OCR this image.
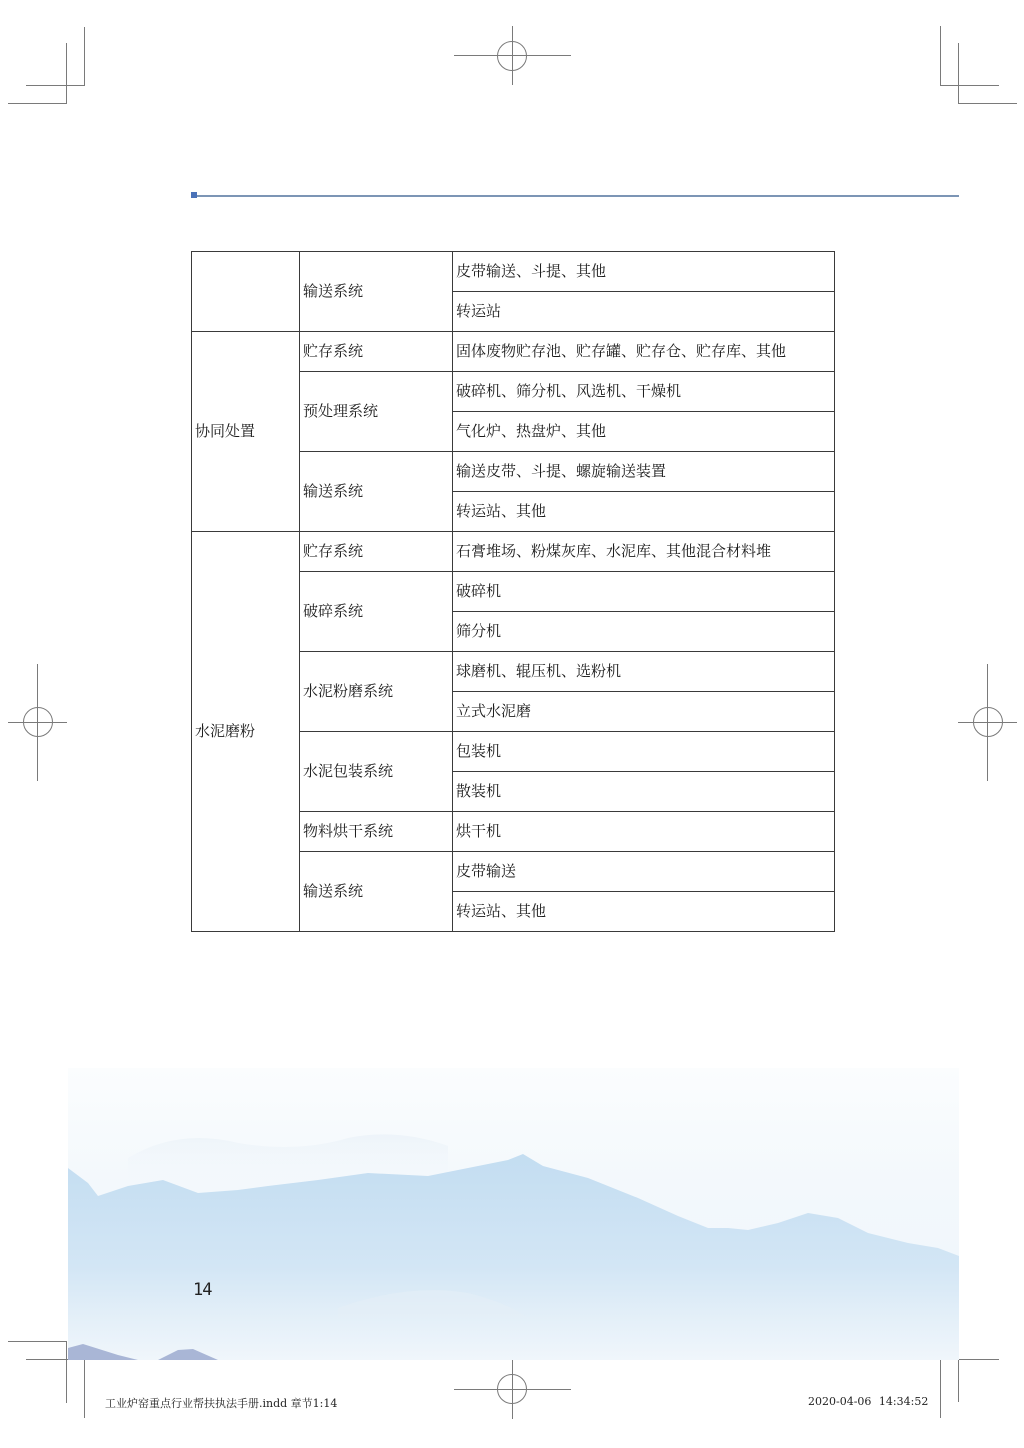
	输送系统	皮带输送、斗提、其他
		转运站
协同处置	贮存系统	固体废物贮存池、贮存罐、贮存仓、贮存库、其他
	预处理系统	破碎机、筛分机、风选机、干燥机
		气化炉、热盘炉、其他
	输送系统	输送皮带、斗提、螺旋输送装置
		转运站、其他
水泥磨粉	贮存系统	石膏堆场、粉煤灰库、水泥库、其他混合材料堆
	破碎系统	破碎机
		筛分机
	水泥粉磨系统	球磨机、辊压机、选粉机
		立式水泥磨
	水泥包装系统	包装机
		散装机
	物料烘干系统	烘干机
	输送系统	皮带输送
		转运站、其他
14
工业炉窑重点行业帮扶执法手册.indd 章节1:14	2020-04-06 14:34:52
